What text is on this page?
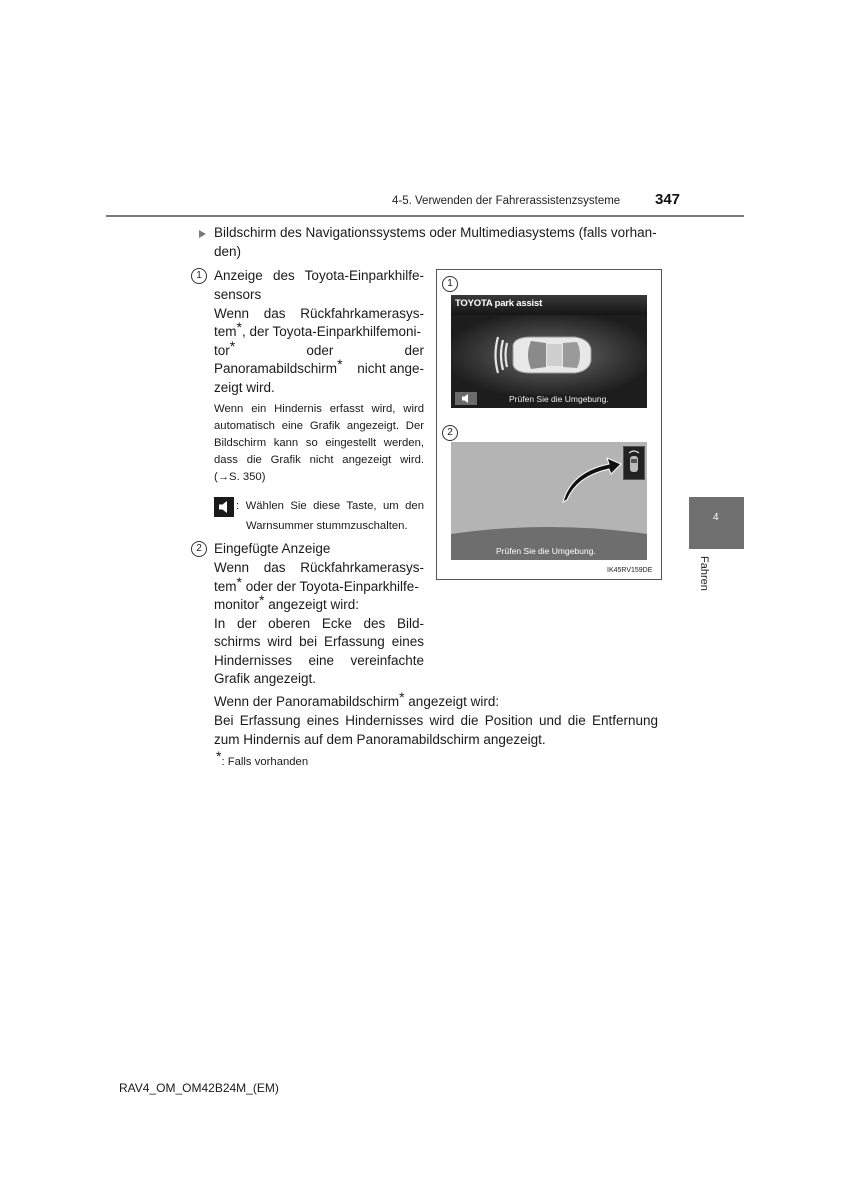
4-5. Verwenden der Fahrerassistenzsysteme 347
Bildschirm des Navigationssystems oder Multimediasystems (falls vorhan-
den)
1 Anzeige des Toyota-Einparkhilfe-
sensors
Wenn das Rückfahrkamerasys-
tem*, der Toyota-Einparkhilfemoni-
tor*	oder	der
Panoramabildschirm* nicht ange-
zeigt wird.
Wenn ein Hindernis erfasst wird, wird
automatisch eine Grafik angezeigt. Der
Bildschirm kann so eingestellt werden,
dass die Grafik nicht angezeigt wird.
(→S. 350)
: Wählen Sie diese Taste, um den
Warnsummer stummzuschalten.
2 Eingefügte Anzeige
Wenn das Rückfahrkamerasys-
tem* oder der Toyota-Einparkhilfe-
monitor* angezeigt wird:
In der oberen Ecke des Bild-
schirms wird bei Erfassung eines
Hindernisses eine vereinfachte
Grafik angezeigt.
Wenn der Panoramabildschirm* angezeigt wird:
Bei Erfassung eines Hindernisses wird die Position und die Entfernung
zum Hindernis auf dem Panoramabildschirm angezeigt.
*: Falls vorhanden
1
TOYOTA park assist
Prüfen Sie die Umgebung.
2
Prüfen Sie die Umgebung.
IK45RV159DE
4
Fahren
RAV4_OM_OM42B24M_(EM)
